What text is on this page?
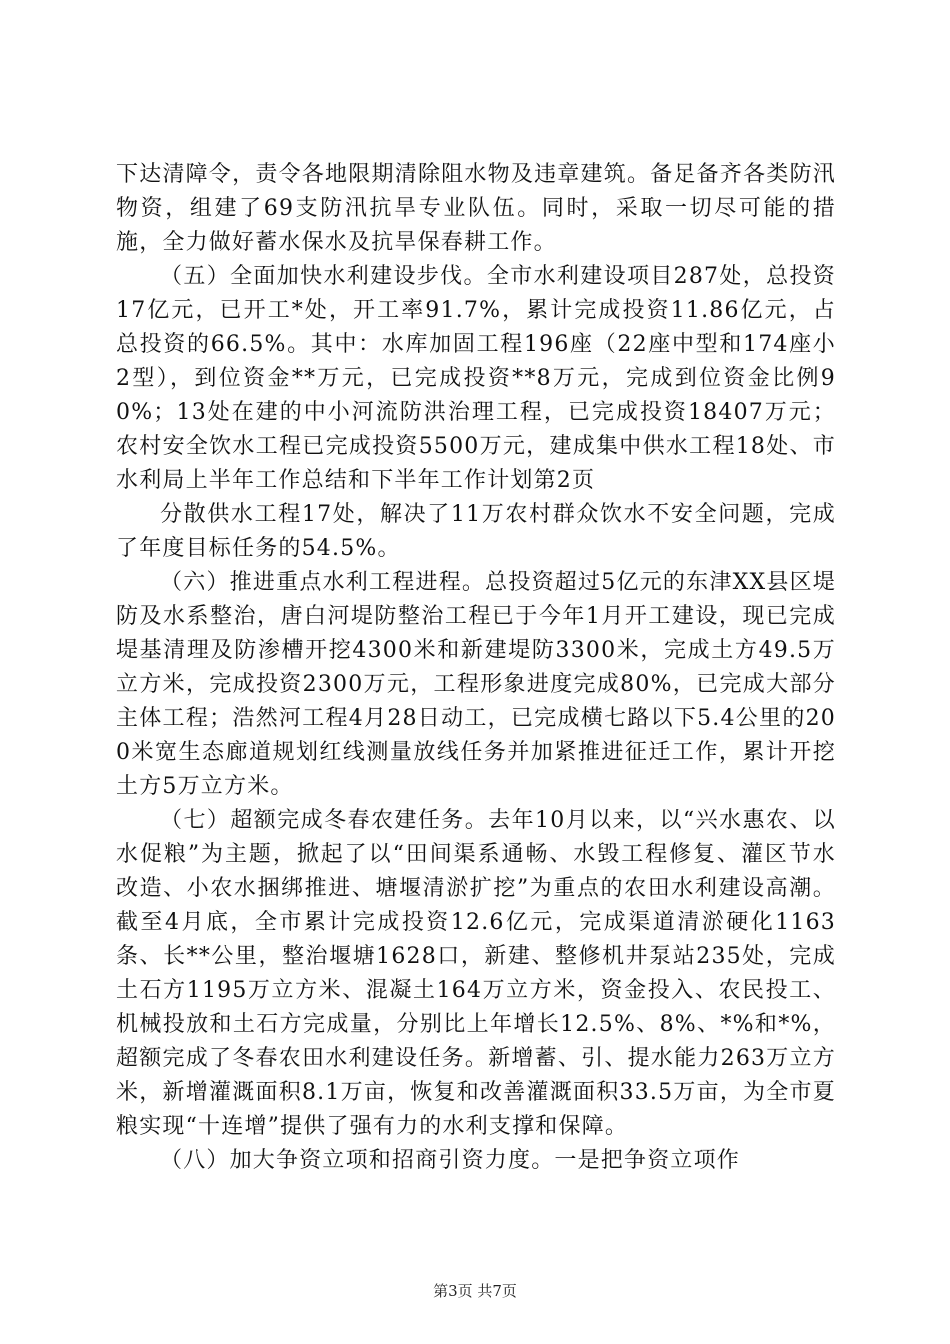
下达清障令，责令各地限期清除阻水物及违章建筑。备足备齐各类防汛物资，组建了69支防汛抗旱专业队伍。同时，采取一切尽可能的措施，全力做好蓄水保水及抗旱保春耕工作。

（五）全面加快水利建设步伐。全市水利建设项目287处，总投资17亿元，已开工*处，开工率91.7%，累计完成投资11.86亿元，占总投资的66.5%。其中：水库加固工程196座（22座中型和174座小2型），到位资金**万元，已完成投资**8万元，完成到位资金比例90%；13处在建的中小河流防洪治理工程，已完成投资18407万元；农村安全饮水工程已完成投资5500万元，建成集中供水工程18处、市水利局上半年工作总结和下半年工作计划第2页

分散供水工程17处，解决了11万农村群众饮水不安全问题，完成了年度目标任务的54.5%。

（六）推进重点水利工程进程。总投资超过5亿元的东津XX县区堤防及水系整治，唐白河堤防整治工程已于今年1月开工建设，现已完成堤基清理及防渗槽开挖4300米和新建堤防3300米，完成土方49.5万立方米，完成投资2300万元，工程形象进度完成80%，已完成大部分主体工程；浩然河工程4月28日动工，已完成横七路以下5.4公里的200米宽生态廊道规划红线测量放线任务并加紧推进征迁工作，累计开挖土方5万立方米。

（七）超额完成冬春农建任务。去年10月以来，以“兴水惠农、以水促粮”为主题，掀起了以“田间渠系通畅、水毁工程修复、灌区节水改造、小农水捆绑推进、塘堰清淤扩挖”为重点的农田水利建设高潮。截至4月底，全市累计完成投资12.6亿元，完成渠道清淤硬化1163条、长**公里，整治堰塘1628口，新建、整修机井泵站235处，完成土石方1195万立方米、混凝土164万立方米，资金投入、农民投工、机械投放和土石方完成量，分别比上年增长12.5%、8%、*%和*%，超额完成了冬春农田水利建设任务。新增蓄、引、提水能力263万立方米，新增灌溉面积8.1万亩，恢复和改善灌溉面积33.5万亩，为全市夏粮实现“十连增”提供了强有力的水利支撑和保障。

（八）加大争资立项和招商引资力度。一是把争资立项作

第3页 共7页
